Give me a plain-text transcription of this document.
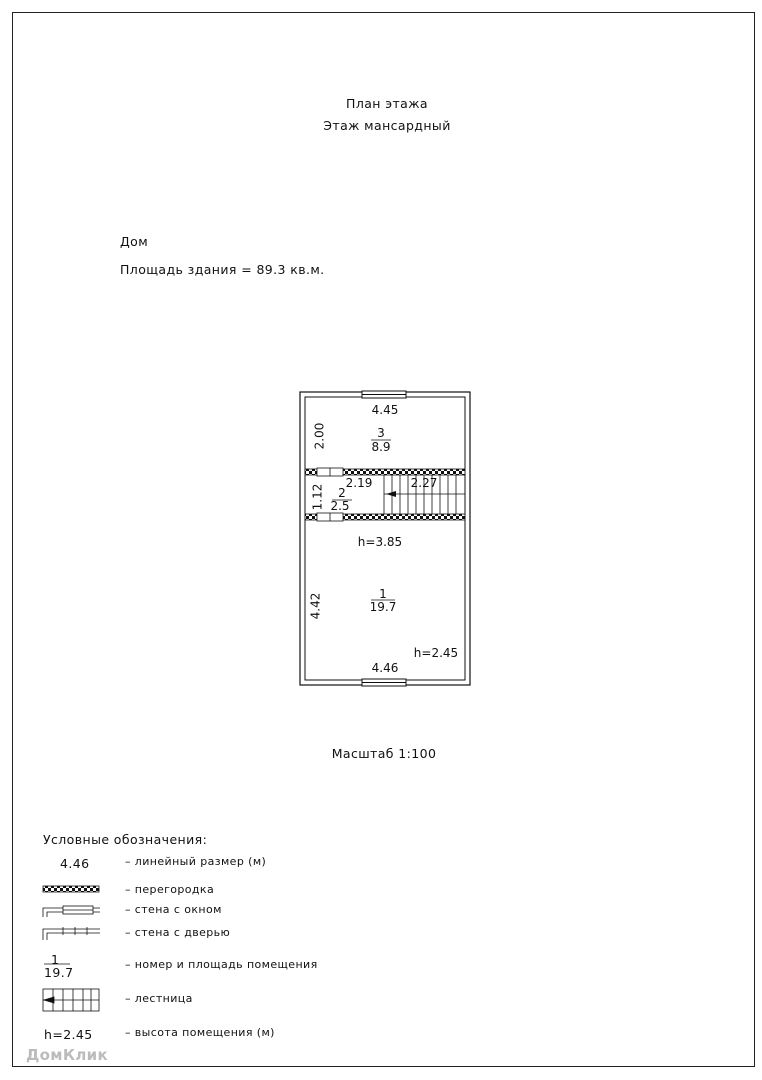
План этажа
Этаж мансардный
Дом
Площадь здания = 89.3 кв.м.
4.45
2.00
1.12
4.42
2.19	2.27
4.46
3
8.9
2
2.5
h=3.85
1
19.7
h=2.45
Масштаб 1:100
Условные обозначения:
4.46	– линейный размер (м)
– перегородка
– стена с окном
– стена с дверью
1
19.7
– номер и площадь помещения
– лестница
h=2.45	– высота помещения (м)
ДомКлик
